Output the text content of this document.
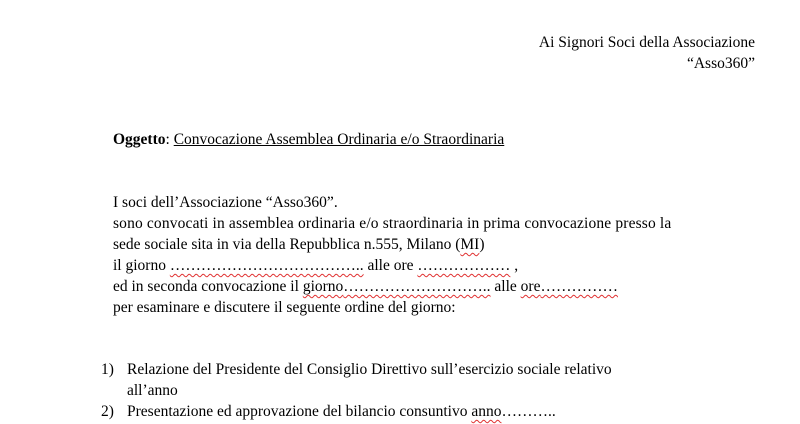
Ai Signori Soci della Associazione
“Asso360”
Oggetto: Convocazione Assemblea Ordinaria e/o Straordinaria
I soci dell’Associazione “Asso360”.
sono convocati in assemblea ordinaria e/o straordinaria in prima convocazione presso la
sede sociale sita in via della Repubblica n.555, Milano (MI)
il giorno ……………………………….. alle ore ……………… ,
ed in seconda convocazione il giorno……………………….. alle ore……………
per esaminare e discutere il seguente ordine del giorno:
1) Relazione del Presidente del Consiglio Direttivo sull’esercizio sociale relativo
all’anno
2) Presentazione ed approvazione del bilancio consuntivo anno………..
